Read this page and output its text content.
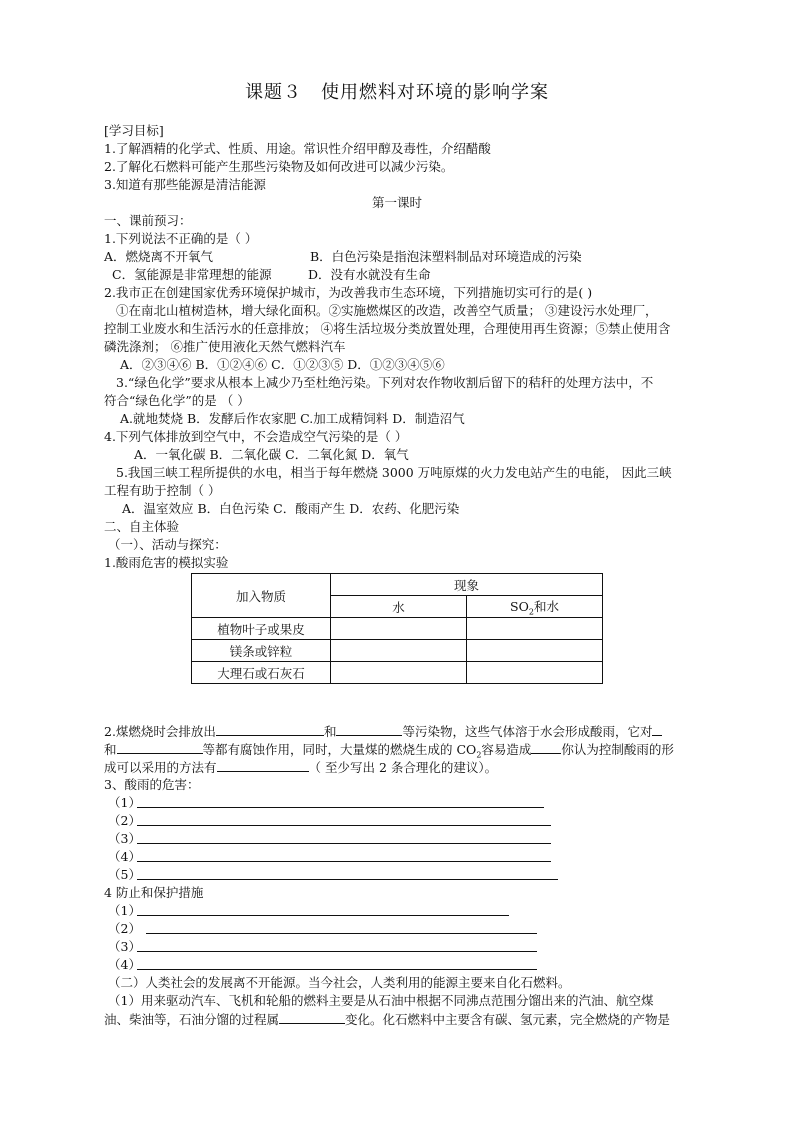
课题３　使用燃料对环境的影响学案
[学习目标]
1.了解酒精的化学式、性质、用途。常识性介绍甲醇及毒性，介绍醋酸
2.了解化石燃料可能产生那些污染物及如何改进可以减少污染。
3.知道有那些能源是清洁能源
第一课时
一、课前预习：
1.下列说法不正确的是（ ）
A．燃烧离不开氧气	B．白色污染是指泡沫塑料制品对环境造成的污染
C．氢能源是非常理想的能源	D．没有水就没有生命
2.我市正在创建国家优秀环境保护城市，为改善我市生态环境，下列措施切实可行的是( )
①在南北山植树造林，增大绿化面积。②实施燃煤区的改造，改善空气质量； ③建设污水处理厂，
控制工业废水和生活污水的任意排放； ④将生活垃圾分类放置处理，合理使用再生资源；⑤禁止使用含
磷洗涤剂； ⑥推广使用液化天然气燃料汽车
A．②③④⑥ B．①②④⑥ C．①②③⑤ D．①②③④⑤⑥
3.“绿色化学”要求从根本上减少乃至杜绝污染。下列对农作物收割后留下的秸秆的处理方法中，不
符合“绿色化学”的是 （ ）
A.就地焚烧 B．发酵后作农家肥 C.加工成精饲料 D．制造沼气
4.下列气体排放到空气中，不会造成空气污染的是（ ）
A．一氧化碳 B．二氧化碳 C．二氧化氮 D．氧气
5.我国三峡工程所提供的水电，相当于每年燃烧 3000 万吨原煤的火力发电站产生的电能， 因此三峡
工程有助于控制（ ）
A．温室效应 B．白色污染 C．酸雨产生 D．农药、化肥污染
二、自主体验
（一）、活动与探究：
1.酸雨危害的模拟实验
加入物质	现象	
	水	$SO_2$和水
植物叶子或果皮		
镁条或锌粒		
大理石或石灰石		
2.煤燃烧时会排放出	和	等污染物，这些气体溶于水会形成酸雨，它对
和	等都有腐蚀作用，同时，大量煤的燃烧生成的 $CO_2$容易造成 你认为控制酸雨的形
成可以采用的方法有	（ 至少写出 2 条合理化的建议）。
3、酸雨的危害：
（1）
（2）
（3）
（4）
（5）
4 防止和保护措施
（1）
（2）
（3）
（4）
（二）人类社会的发展离不开能源。当今社会，人类利用的能源主要来自化石燃料。
（1）用来驱动汽车、飞机和轮船的燃料主要是从石油中根据不同沸点范围分馏出来的汽油、航空煤
油、柴油等，石油分馏的过程属	变化。化石燃料中主要含有碳、氢元素，完全燃烧的产物是
